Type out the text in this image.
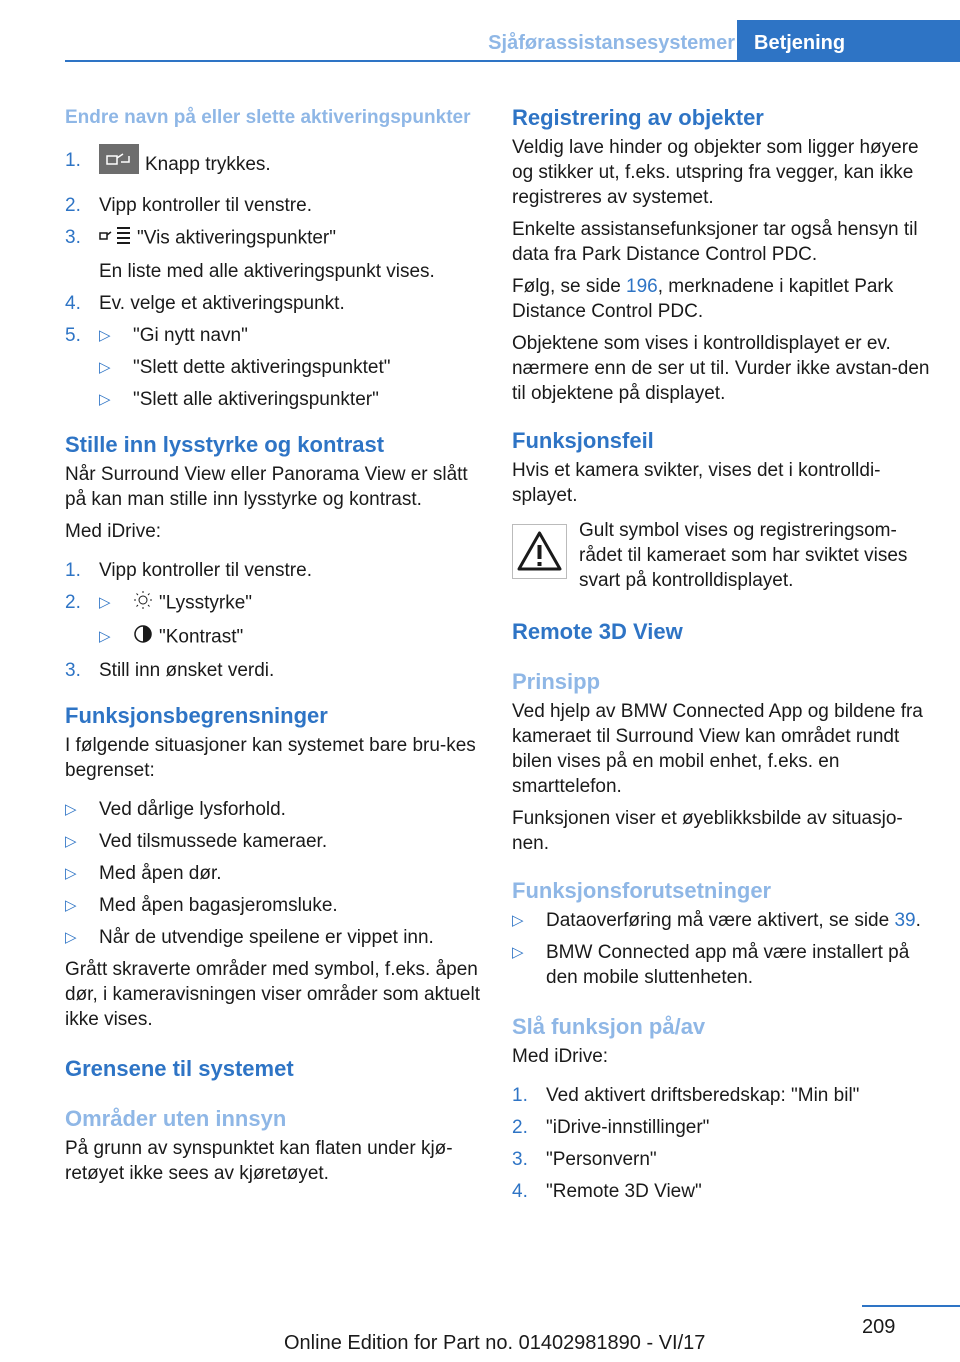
Sjåførassistansesystemer Betjening
Endre navn på eller slette aktiveringspunkter
1.	Knapp trykkes.
2. Vipp kontroller til venstre.
3.	"Vis aktiveringspunkter"
En liste med alle aktiveringspunkt vises.
4. Ev. velge et aktiveringspunkt.
5. ▷ "Gi nytt navn"
▷ "Slett dette aktiveringspunktet"
▷ "Slett alle aktiveringspunkter"
Stille inn lysstyrke og kontrast
Når Surround View eller Panorama View er slått på kan man stille inn lysstyrke og kontrast.
Med iDrive:
1. Vipp kontroller til venstre.
2. ▷	"Lysstyrke"
▷	"Kontrast"
3. Still inn ønsket verdi.
Funksjonsbegrensninger
I følgende situasjoner kan systemet bare bru-kes begrenset:
▷ Ved dårlige lysforhold.
▷ Ved tilsmussede kameraer.
▷ Med åpen dør.
▷ Med åpen bagasjeromsluke.
▷ Når de utvendige speilene er vippet inn.
Grått skraverte områder med symbol, f.eks. åpen dør, i kameravisningen viser områder som aktuelt ikke vises.
Grensene til systemet
Områder uten innsyn
På grunn av synspunktet kan flaten under kjø-retøyet ikke sees av kjøretøyet.
Registrering av objekter
Veldig lave hinder og objekter som ligger høyere og stikker ut, f.eks. utspring fra vegger, kan ikke registreres av systemet.
Enkelte assistansefunksjoner tar også hensyn til data fra Park Distance Control PDC.
Følg, se side 196, merknadene i kapitlet Park Distance Control PDC.
Objektene som vises i kontrolldisplayet er ev. nærmere enn de ser ut til. Vurder ikke avstan-den til objektene på displayet.
Funksjonsfeil
Hvis et kamera svikter, vises det i kontrolldi-splayet.
Gult symbol vises og registreringsom-rådet til kameraet som har sviktet vises svart på kontrolldisplayet.
Remote 3D View
Prinsipp
Ved hjelp av BMW Connected App og bildene fra kameraet til Surround View kan området rundt bilen vises på en mobil enhet, f.eks. en smarttelefon.
Funksjonen viser et øyeblikksbilde av situasjo-nen.
Funksjonsforutsetninger
▷ Dataoverføring må være aktivert, se side 39.
▷ BMW Connected app må være installert på den mobile sluttenheten.
Slå funksjon på/av
Med iDrive:
1. Ved aktivert driftsberedskap: "Min bil"
2. "iDrive-innstillinger"
3. "Personvern"
4. "Remote 3D View"
209
Online Edition for Part no. 01402981890 - VI/17
